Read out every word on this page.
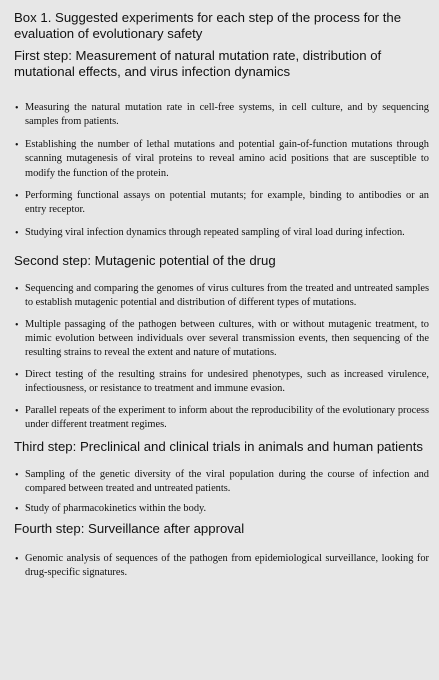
Box 1. Suggested experiments for each step of the process for the evaluation of evolutionary safety
First step: Measurement of natural mutation rate, distribution of mutational effects, and virus infection dynamics
• Measuring the natural mutation rate in cell-free systems, in cell culture, and by sequencing samples from patients.
• Establishing the number of lethal mutations and potential gain-of-function mutations through scanning mutagenesis of viral proteins to reveal amino acid positions that are susceptible to modify the function of the protein.
• Performing functional assays on potential mutants; for example, binding to antibodies or an entry receptor.
• Studying viral infection dynamics through repeated sampling of viral load during infection.
Second step: Mutagenic potential of the drug
• Sequencing and comparing the genomes of virus cultures from the treated and untreated samples to establish mutagenic potential and distribution of different types of mutations.
• Multiple passaging of the pathogen between cultures, with or without mutagenic treatment, to mimic evolution between individuals over several transmission events, then sequencing of the resulting strains to reveal the extent and nature of mutations.
• Direct testing of the resulting strains for undesired phenotypes, such as increased virulence, infectiousness, or resistance to treatment and immune evasion.
• Parallel repeats of the experiment to inform about the reproducibility of the evolutionary process under different treatment regimes.
Third step: Preclinical and clinical trials in animals and human patients
• Sampling of the genetic diversity of the viral population during the course of infection and compared between treated and untreated patients.
• Study of pharmacokinetics within the body.
Fourth step: Surveillance after approval
• Genomic analysis of sequences of the pathogen from epidemiological surveillance, looking for drug-specific signatures.
